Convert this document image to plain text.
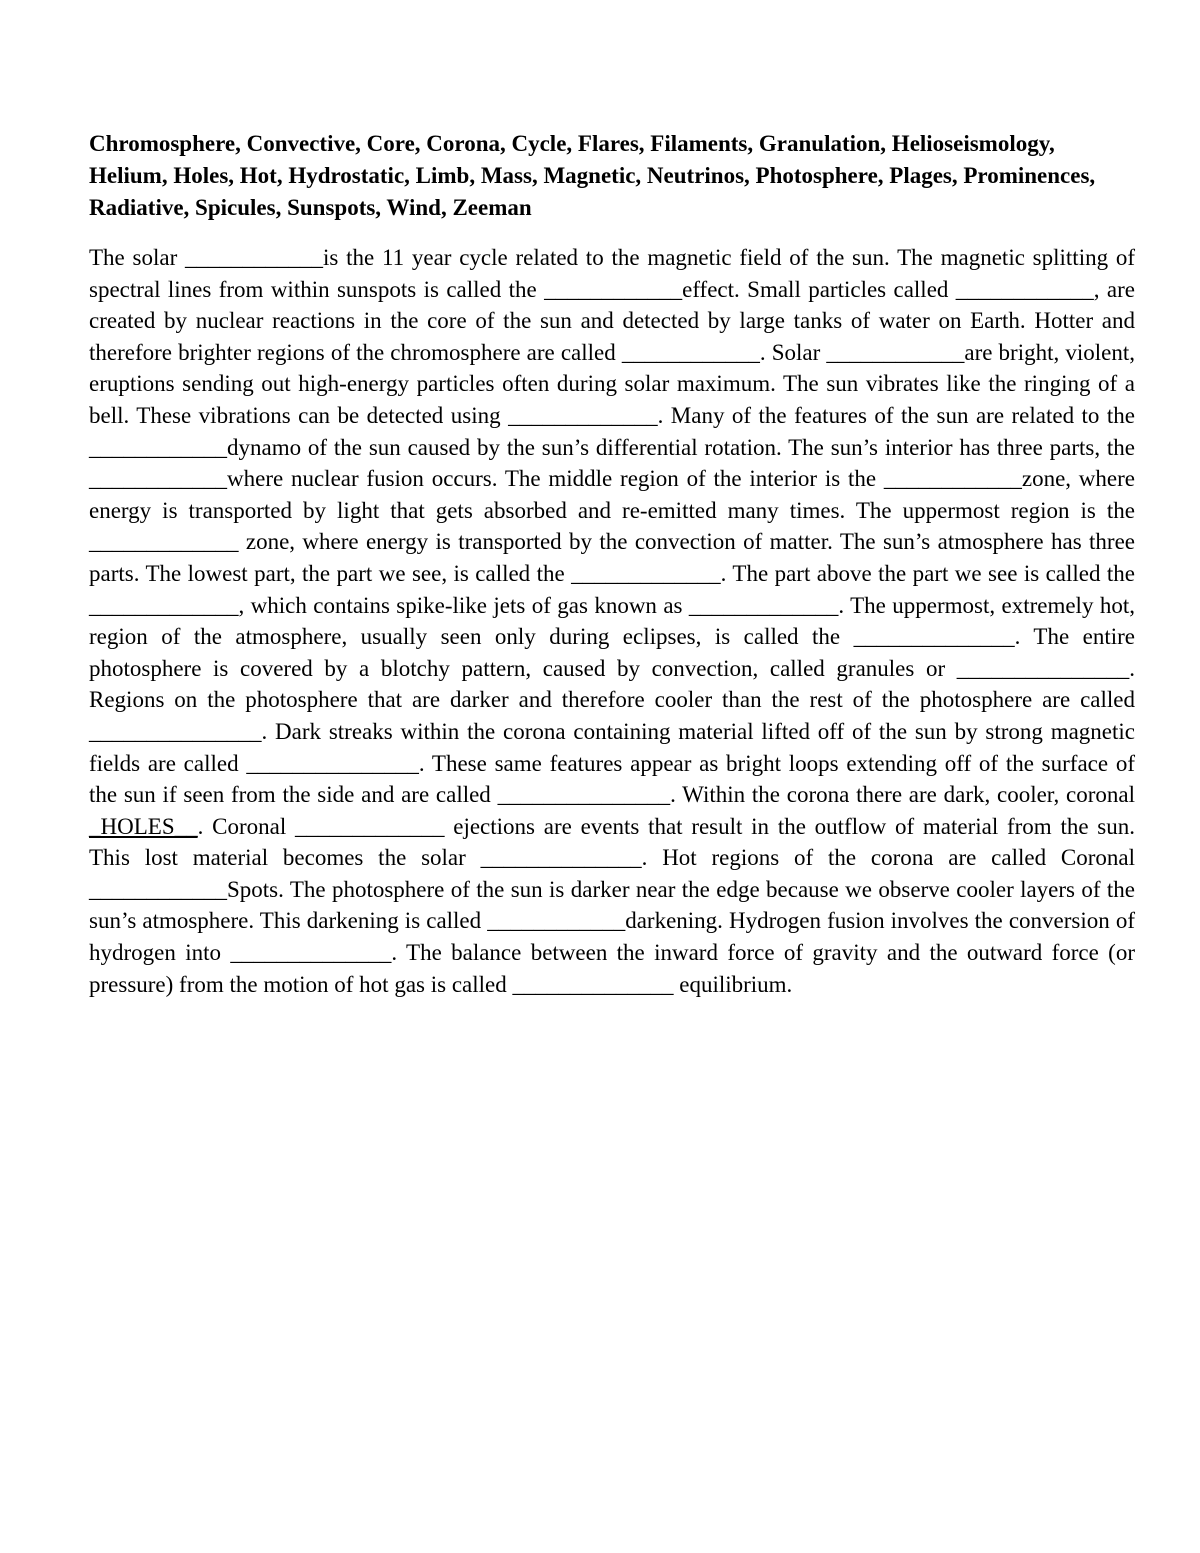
Chromosphere, Convective, Core, Corona, Cycle, Flares, Filaments, Granulation, Helioseismology, Helium, Holes, Hot, Hydrostatic, Limb, Mass, Magnetic, Neutrinos, Photosphere, Plages, Prominences, Radiative, Spicules, Sunspots, Wind, Zeeman

The solar ____________is the 11 year cycle related to the magnetic field of the sun. The magnetic splitting of spectral lines from within sunspots is called the ____________effect. Small particles called ____________, are created by nuclear reactions in the core of the sun and detected by large tanks of water on Earth. Hotter and therefore brighter regions of the chromosphere are called ____________. Solar ____________are bright, violent, eruptions sending out high-energy particles often during solar maximum. The sun vibrates like the ringing of a bell. These vibrations can be detected using _____________. Many of the features of the sun are related to the ____________dynamo of the sun caused by the sun’s differential rotation. The sun’s interior has three parts, the ____________where nuclear fusion occurs. The middle region of the interior is the ____________zone, where energy is transported by light that gets absorbed and re-emitted many times. The uppermost region is the _____________ zone, where energy is transported by the convection of matter. The sun’s atmosphere has three parts. The lowest part, the part we see, is called the _____________. The part above the part we see is called the _____________, which contains spike-like jets of gas known as _____________. The uppermost, extremely hot, region of the atmosphere, usually seen only during eclipses, is called the ______________. The entire photosphere is covered by a blotchy pattern, caused by convection, called granules or _______________. Regions on the photosphere that are darker and therefore cooler than the rest of the photosphere are called _______________. Dark streaks within the corona containing material lifted off of the sun by strong magnetic fields are called _______________. These same features appear as bright loops extending off of the surface of the sun if seen from the side and are called _______________. Within the corona there are dark, cooler, coronal _HOLES__. Coronal _____________ ejections are events that result in the outflow of material from the sun. This lost material becomes the solar ______________. Hot regions of the corona are called Coronal ____________Spots. The photosphere of the sun is darker near the edge because we observe cooler layers of the sun’s atmosphere. This darkening is called ____________darkening. Hydrogen fusion involves the conversion of hydrogen into ______________. The balance between the inward force of gravity and the outward force (or pressure) from the motion of hot gas is called ______________ equilibrium.
